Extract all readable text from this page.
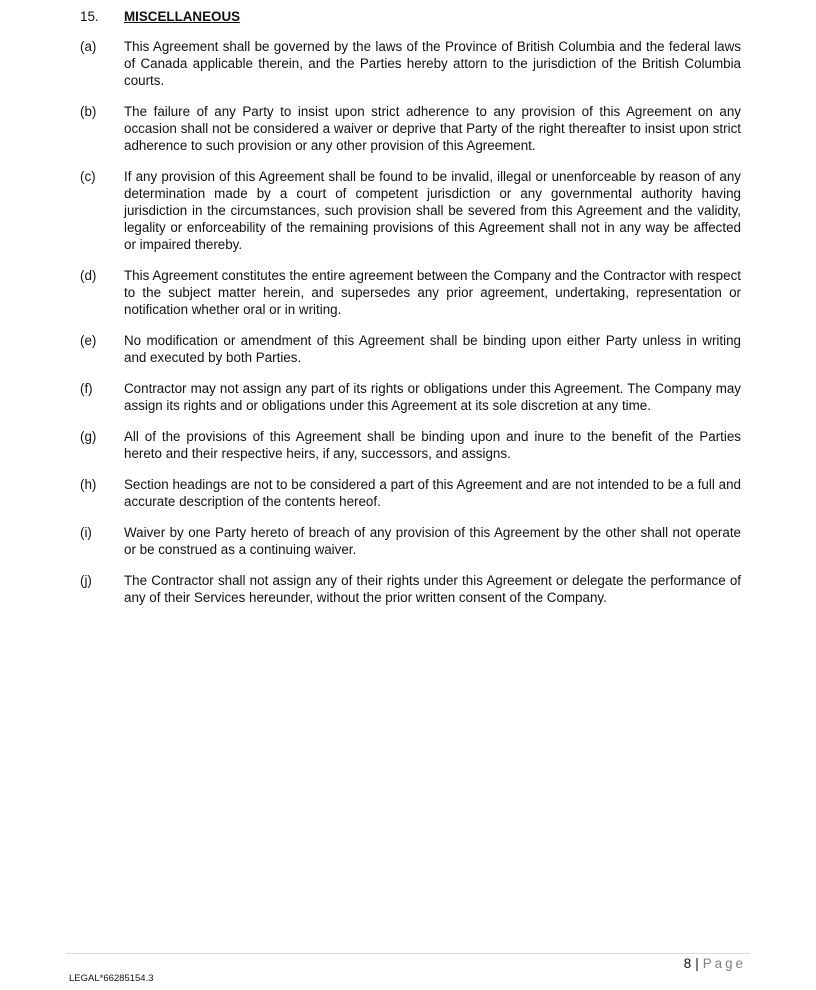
15. MISCELLANEOUS
(a)	This Agreement shall be governed by the laws of the Province of British Columbia and the federal laws of Canada applicable therein, and the Parties hereby attorn to the jurisdiction of the British Columbia courts.
(b)	The failure of any Party to insist upon strict adherence to any provision of this Agreement on any occasion shall not be considered a waiver or deprive that Party of the right thereafter to insist upon strict adherence to such provision or any other provision of this Agreement.
(c)	If any provision of this Agreement shall be found to be invalid, illegal or unenforceable by reason of any determination made by a court of competent jurisdiction or any governmental authority having jurisdiction in the circumstances, such provision shall be severed from this Agreement and the validity, legality or enforceability of the remaining provisions of this Agreement shall not in any way be affected or impaired thereby.
(d)	This Agreement constitutes the entire agreement between the Company and the Contractor with respect to the subject matter herein, and supersedes any prior agreement, undertaking, representation or notification whether oral or in writing.
(e)	No modification or amendment of this Agreement shall be binding upon either Party unless in writing and executed by both Parties.
(f)	Contractor may not assign any part of its rights or obligations under this Agreement. The Company may assign its rights and or obligations under this Agreement at its sole discretion at any time.
(g)	All of the provisions of this Agreement shall be binding upon and inure to the benefit of the Parties hereto and their respective heirs, if any, successors, and assigns.
(h)	Section headings are not to be considered a part of this Agreement and are not intended to be a full and accurate description of the contents hereof.
(i)	Waiver by one Party hereto of breach of any provision of this Agreement by the other shall not operate or be construed as a continuing waiver.
(j)	The Contractor shall not assign any of their rights under this Agreement or delegate the performance of any of their Services hereunder, without the prior written consent of the Company.
8 | Page
LEGAL*66285154.3
